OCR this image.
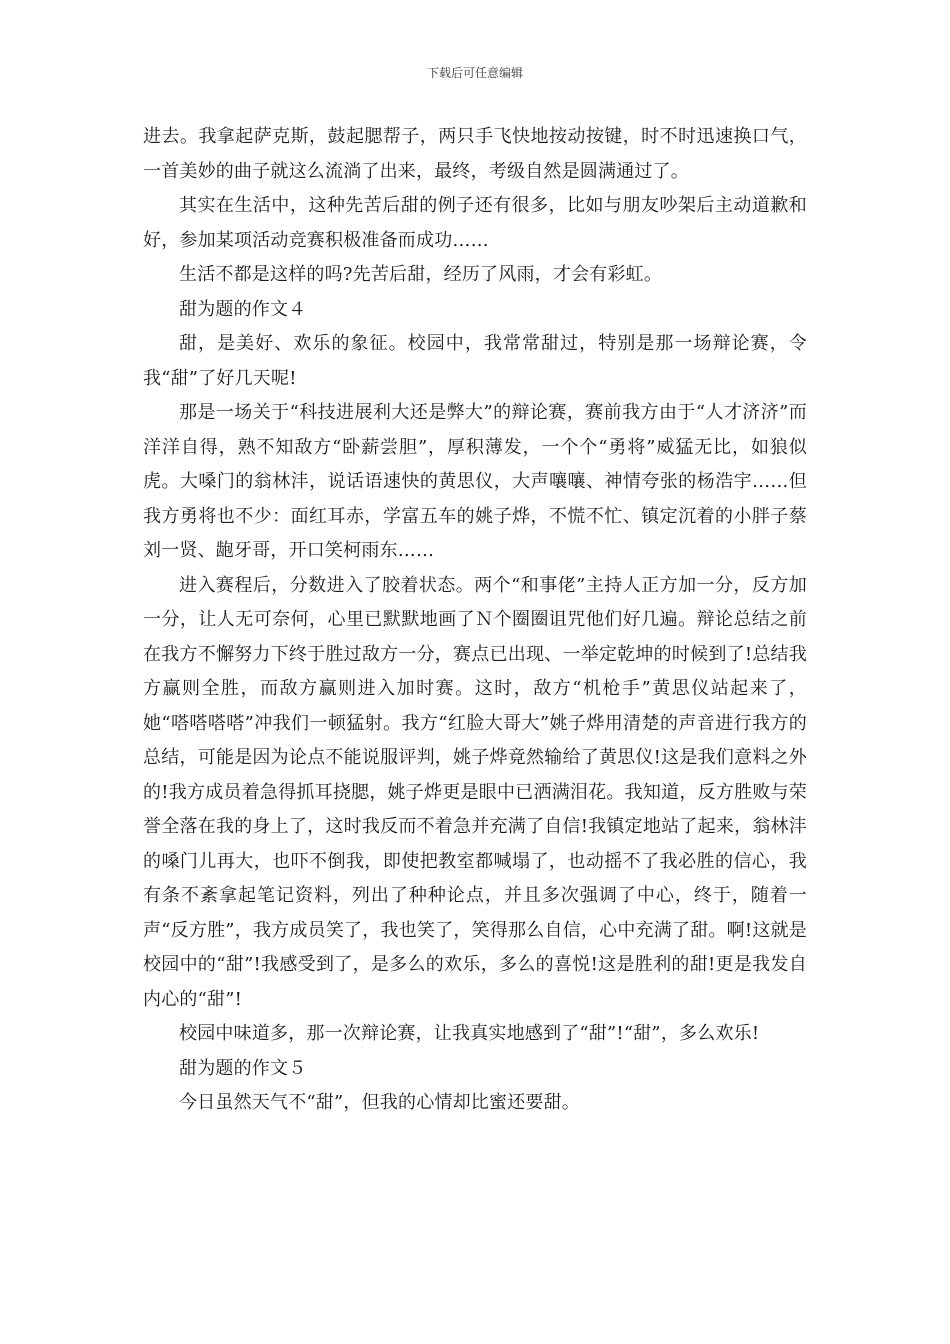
下载后可任意编辑

进去。我拿起萨克斯，鼓起腮帮子，两只手飞快地按动按键，时不时迅速换口气，一首美妙的曲子就这么流淌了出来，最终，考级自然是圆满通过了。

其实在生活中，这种先苦后甜的例子还有很多，比如与朋友吵架后主动道歉和好，参加某项活动竞赛积极准备而成功……

生活不都是这样的吗?先苦后甜，经历了风雨，才会有彩虹。

甜为题的作文４

甜，是美好、欢乐的象征。校园中，我常常甜过，特别是那一场辩论赛，令我“甜”了好几天呢!

那是一场关于“科技进展利大还是弊大”的辩论赛，赛前我方由于“人才济济”而洋洋自得，熟不知敌方“卧薪尝胆”，厚积薄发，一个个“勇将”威猛无比，如狼似虎。大嗓门的翁林沣，说话语速快的黄思仪，大声嚷嚷、神情夸张的杨浩宇……但我方勇将也不少：面红耳赤，学富五车的姚子烨，不慌不忙、镇定沉着的小胖子蔡刘一贤、龅牙哥，开口笑柯雨东……

进入赛程后，分数进入了胶着状态。两个“和事佬”主持人正方加一分，反方加一分，让人无可奈何，心里已默默地画了Ｎ个圈圈诅咒他们好几遍。辩论总结之前在我方不懈努力下终于胜过敌方一分，赛点已出现、一举定乾坤的时候到了!总结我方赢则全胜，而敌方赢则进入加时赛。这时，敌方“机枪手”黄思仪站起来了，她“嗒嗒嗒嗒”冲我们一顿猛射。我方“红脸大哥大”姚子烨用清楚的声音进行我方的总结，可能是因为论点不能说服评判，姚子烨竟然输给了黄思仪!这是我们意料之外的!我方成员着急得抓耳挠腮，姚子烨更是眼中已洒满泪花。我知道，反方胜败与荣誉全落在我的身上了，这时我反而不着急并充满了自信!我镇定地站了起来，翁林沣的嗓门儿再大，也吓不倒我，即使把教室都喊塌了，也动摇不了我必胜的信心，我有条不紊拿起笔记资料，列出了种种论点，并且多次强调了中心，终于，随着一声“反方胜”，我方成员笑了，我也笑了，笑得那么自信，心中充满了甜。啊!这就是校园中的“甜”!我感受到了，是多么的欢乐，多么的喜悦!这是胜利的甜!更是我发自内心的“甜”!

校园中味道多，那一次辩论赛，让我真实地感到了“甜”!“甜”，多么欢乐!

甜为题的作文５

今日虽然天气不“甜”，但我的心情却比蜜还要甜。
